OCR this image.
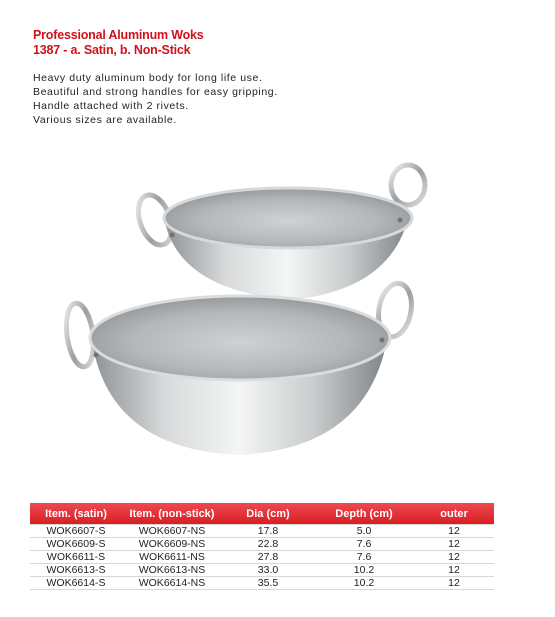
Professional Aluminum Woks
1387 - a. Satin, b. Non-Stick
Heavy duty aluminum body for long life use.
Beautiful and strong handles for easy gripping.
Handle attached with 2 rivets.
Various sizes are available.
Item. (satin)	Item. (non-stick)	Dia (cm)	Depth (cm)	outer
WOK6607-S	WOK6607-NS	17.8	5.0	12
WOK6609-S	WOK6609-NS	22.8	7.6	12
WOK6611-S	WOK6611-NS	27.8	7.6	12
WOK6613-S	WOK6613-NS	33.0	10.2	12
WOK6614-S	WOK6614-NS	35.5	10.2	12
